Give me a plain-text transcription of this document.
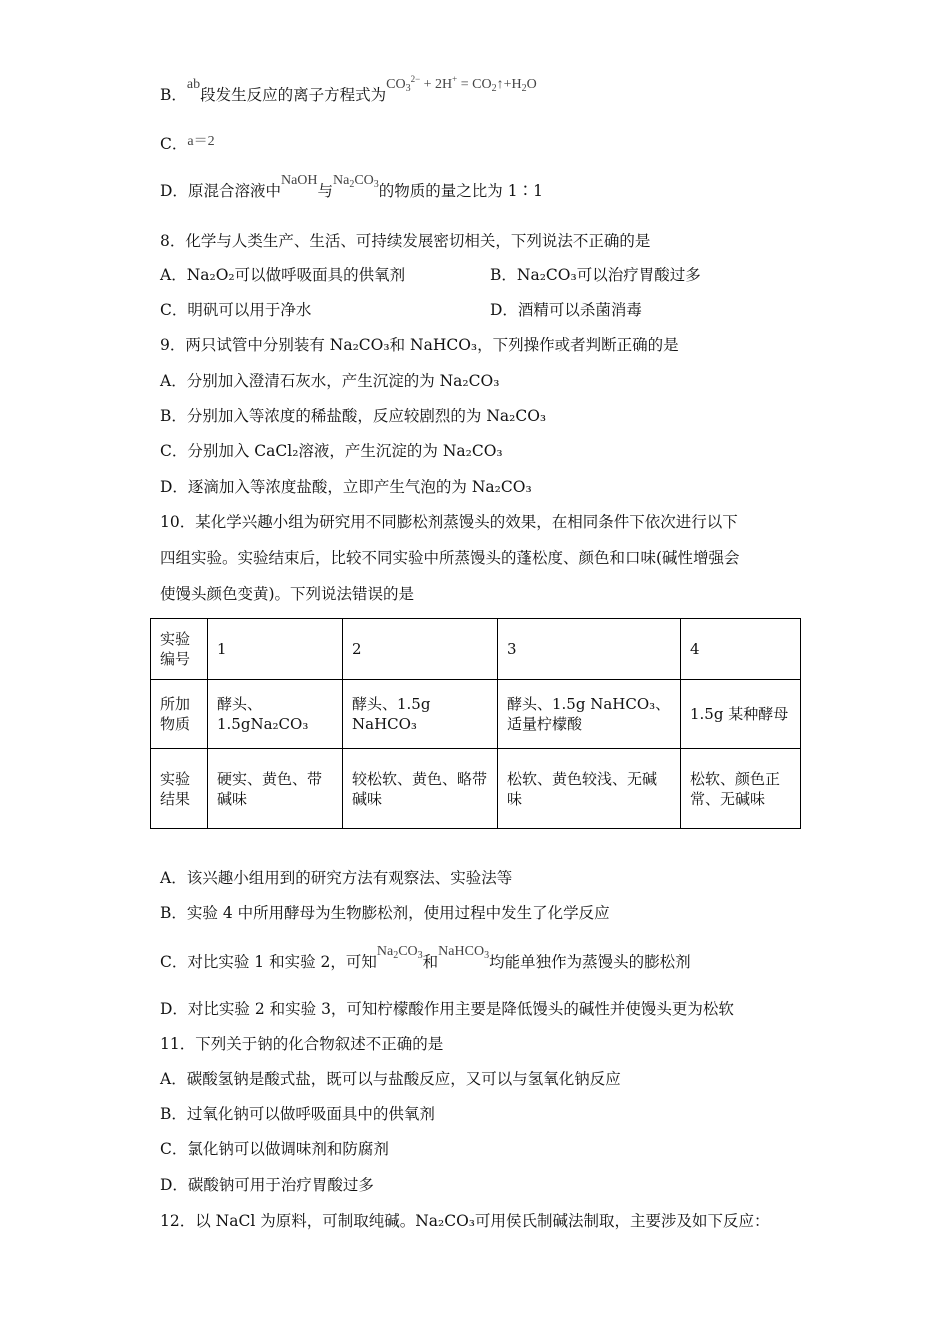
B．ab段发生反应的离子方程式为$CO_3^{2-} + 2H^+$ = $CO_2↑+H_2O$
C．a＝2
D．原混合溶液中NaOH与$Na_2CO_3$的物质的量之比为 1∶1
8．化学与人类生产、生活、可持续发展密切相关，下列说法不正确的是
A．Na₂O₂可以做呼吸面具的供氧剂	B．Na₂CO₃可以治疗胃酸过多
C．明矾可以用于净水	D．酒精可以杀菌消毒
9．两只试管中分别装有 Na₂CO₃和 NaHCO₃，下列操作或者判断正确的是
A．分别加入澄清石灰水，产生沉淀的为 Na₂CO₃
B．分别加入等浓度的稀盐酸，反应较剧烈的为 Na₂CO₃
C．分别加入 CaCl₂溶液，产生沉淀的为 Na₂CO₃
D．逐滴加入等浓度盐酸，立即产生气泡的为 Na₂CO₃
10．某化学兴趣小组为研究用不同膨松剂蒸馒头的效果，在相同条件下依次进行以下
四组实验。实验结束后，比较不同实验中所蒸馒头的蓬松度、颜色和口味(碱性增强会
使馒头颜色变黄)。下列说法错误的是
实验编号	1	2	3	4
所加物质	酵头、1.5gNa₂CO₃	酵头、1.5g NaHCO₃	酵头、1.5g NaHCO₃、适量柠檬酸	1.5g 某种酵母
实验结果	硬实、黄色、带碱味	较松软、黄色、略带碱味	松软、黄色较浅、无碱味	松软、颜色正常、无碱味
A．该兴趣小组用到的研究方法有观察法、实验法等
B．实验 4 中所用酵母为生物膨松剂，使用过程中发生了化学反应
C．对比实验 1 和实验 2，可知$Na_2CO_3$和NaHCO$_3$均能单独作为蒸馒头的膨松剂
D．对比实验 2 和实验 3，可知柠檬酸作用主要是降低馒头的碱性并使馒头更为松软
11．下列关于钠的化合物叙述不正确的是
A．碳酸氢钠是酸式盐，既可以与盐酸反应，又可以与氢氧化钠反应
B．过氧化钠可以做呼吸面具中的供氧剂
C．氯化钠可以做调味剂和防腐剂
D．碳酸钠可用于治疗胃酸过多
12．以 NaCl 为原料，可制取纯碱。Na₂CO₃可用侯氏制碱法制取，主要涉及如下反应：
